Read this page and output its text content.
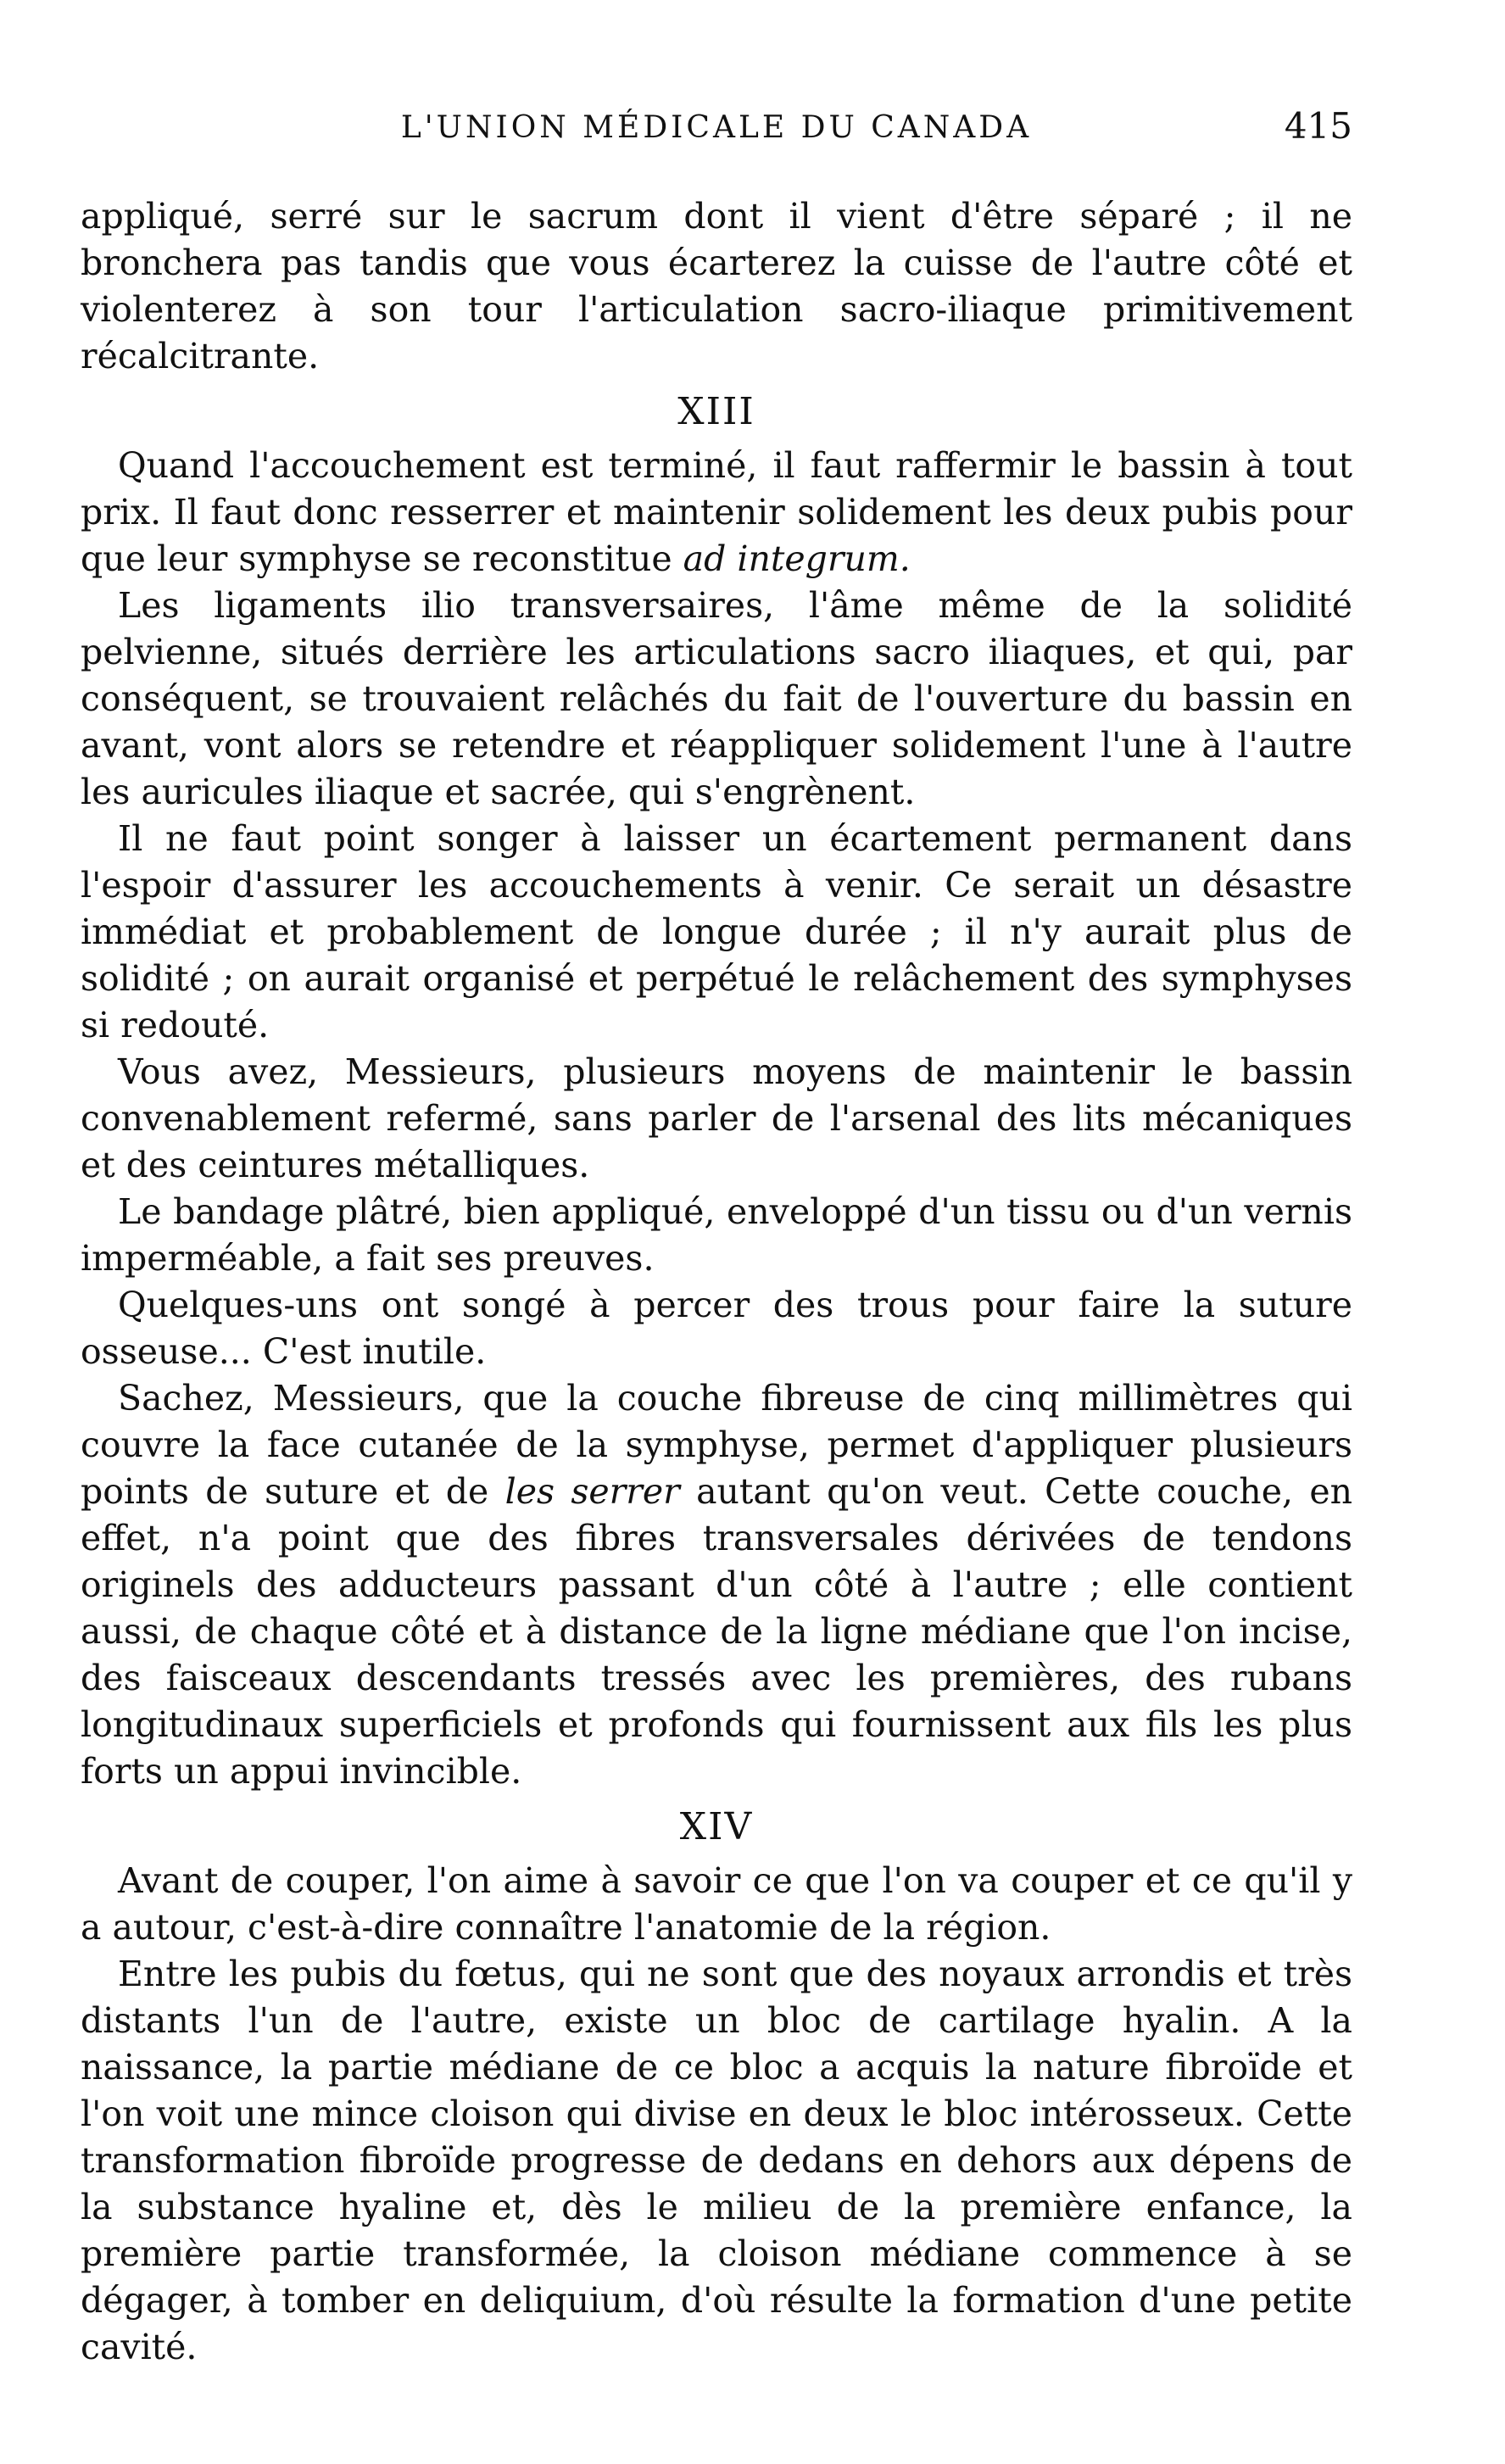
L'UNION MÉDICALE DU CANADA	415

appliqué, serré sur le sacrum dont il vient d'être séparé ; il ne bronchera pas tandis que vous écarterez la cuisse de l'autre côté et violenterez à son tour l'articulation sacro-iliaque primitivement récalcitrante.

XIII

Quand l'accouchement est terminé, il faut raffermir le bassin à tout prix. Il faut donc resserrer et maintenir solidement les deux pubis pour que leur symphyse se reconstitue ad integrum.

Les ligaments ilio transversaires, l'âme même de la solidité pelvienne, situés derrière les articulations sacro iliaques, et qui, par conséquent, se trouvaient relâchés du fait de l'ouverture du bassin en avant, vont alors se retendre et réappliquer solidement l'une à l'autre les auricules iliaque et sacrée, qui s'engrènent.

Il ne faut point songer à laisser un écartement permanent dans l'espoir d'assurer les accouchements à venir. Ce serait un désastre immédiat et probablement de longue durée ; il n'y aurait plus de solidité ; on aurait organisé et perpétué le relâchement des symphyses si redouté.

Vous avez, Messieurs, plusieurs moyens de maintenir le bassin convenablement refermé, sans parler de l'arsenal des lits mécaniques et des ceintures métalliques.

Le bandage plâtré, bien appliqué, enveloppé d'un tissu ou d'un vernis imperméable, a fait ses preuves.

Quelques-uns ont songé à percer des trous pour faire la suture osseuse... C'est inutile.

Sachez, Messieurs, que la couche fibreuse de cinq millimètres qui couvre la face cutanée de la symphyse, permet d'appliquer plusieurs points de suture et de les serrer autant qu'on veut. Cette couche, en effet, n'a point que des fibres transversales dérivées de tendons originels des adducteurs passant d'un côté à l'autre ; elle contient aussi, de chaque côté et à distance de la ligne médiane que l'on incise, des faisceaux descendants tressés avec les premières, des rubans longitudinaux superficiels et profonds qui fournissent aux fils les plus forts un appui invincible.

XIV

Avant de couper, l'on aime à savoir ce que l'on va couper et ce qu'il y a autour, c'est-à-dire connaître l'anatomie de la région.

Entre les pubis du fœtus, qui ne sont que des noyaux arrondis et très distants l'un de l'autre, existe un bloc de cartilage hyalin. A la naissance, la partie médiane de ce bloc a acquis la nature fibroïde et l'on voit une mince cloison qui divise en deux le bloc intérosseux. Cette transformation fibroïde progresse de dedans en dehors aux dépens de la substance hyaline et, dès le milieu de la première enfance, la première partie transformée, la cloison médiane commence à se dégager, à tomber en deliquium, d'où résulte la formation d'une petite cavité.
